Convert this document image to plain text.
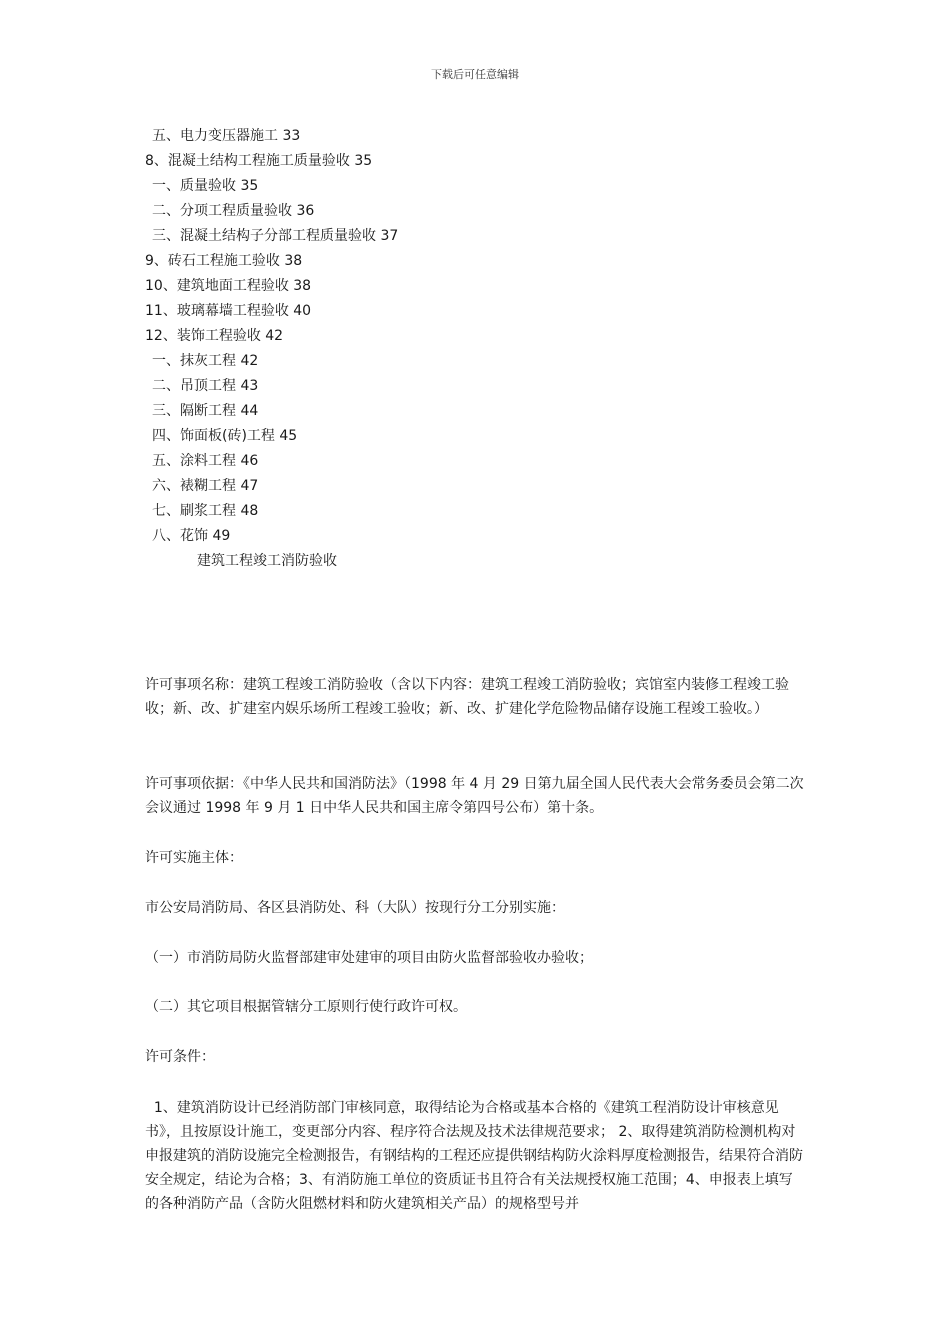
下载后可任意编辑
五、电力变压器施工 33
8、混凝土结构工程施工质量验收 35
一、质量验收 35
二、分项工程质量验收 36
三、混凝土结构子分部工程质量验收 37
9、砖石工程施工验收 38
10、建筑地面工程验收 38
11、玻璃幕墙工程验收 40
12、装饰工程验收 42
一、抹灰工程 42
二、吊顶工程 43
三、隔断工程 44
四、饰面板(砖)工程 45
五、涂料工程 46
六、裱糊工程 47
七、刷浆工程 48
八、花饰 49
建筑工程竣工消防验收

许可事项名称：建筑工程竣工消防验收（含以下内容：建筑工程竣工消防验收；宾馆室内装修工程竣工验收；新、改、扩建室内娱乐场所工程竣工验收；新、改、扩建化学危险物品储存设施工程竣工验收。）

许可事项依据：《中华人民共和国消防法》（1998 年 4 月 29 日第九届全国人民代表大会常务委员会第二次会议通过 1998 年 9 月 1 日中华人民共和国主席令第四号公布）第十条。

许可实施主体：

市公安局消防局、各区县消防处、科（大队）按现行分工分别实施：

（一）市消防局防火监督部建审处建审的项目由防火监督部验收办验收；

（二）其它项目根据管辖分工原则行使行政许可权。

许可条件：

1、建筑消防设计已经消防部门审核同意，取得结论为合格或基本合格的《建筑工程消防设计审核意见书》，且按原设计施工，变更部分内容、程序符合法规及技术法律规范要求； 2、取得建筑消防检测机构对申报建筑的消防设施完全检测报告，有钢结构的工程还应提供钢结构防火涂料厚度检测报告，结果符合消防安全规定，结论为合格；3、有消防施工单位的资质证书且符合有关法规授权施工范围；4、申报表上填写的各种消防产品（含防火阻燃材料和防火建筑相关产品）的规格型号并
